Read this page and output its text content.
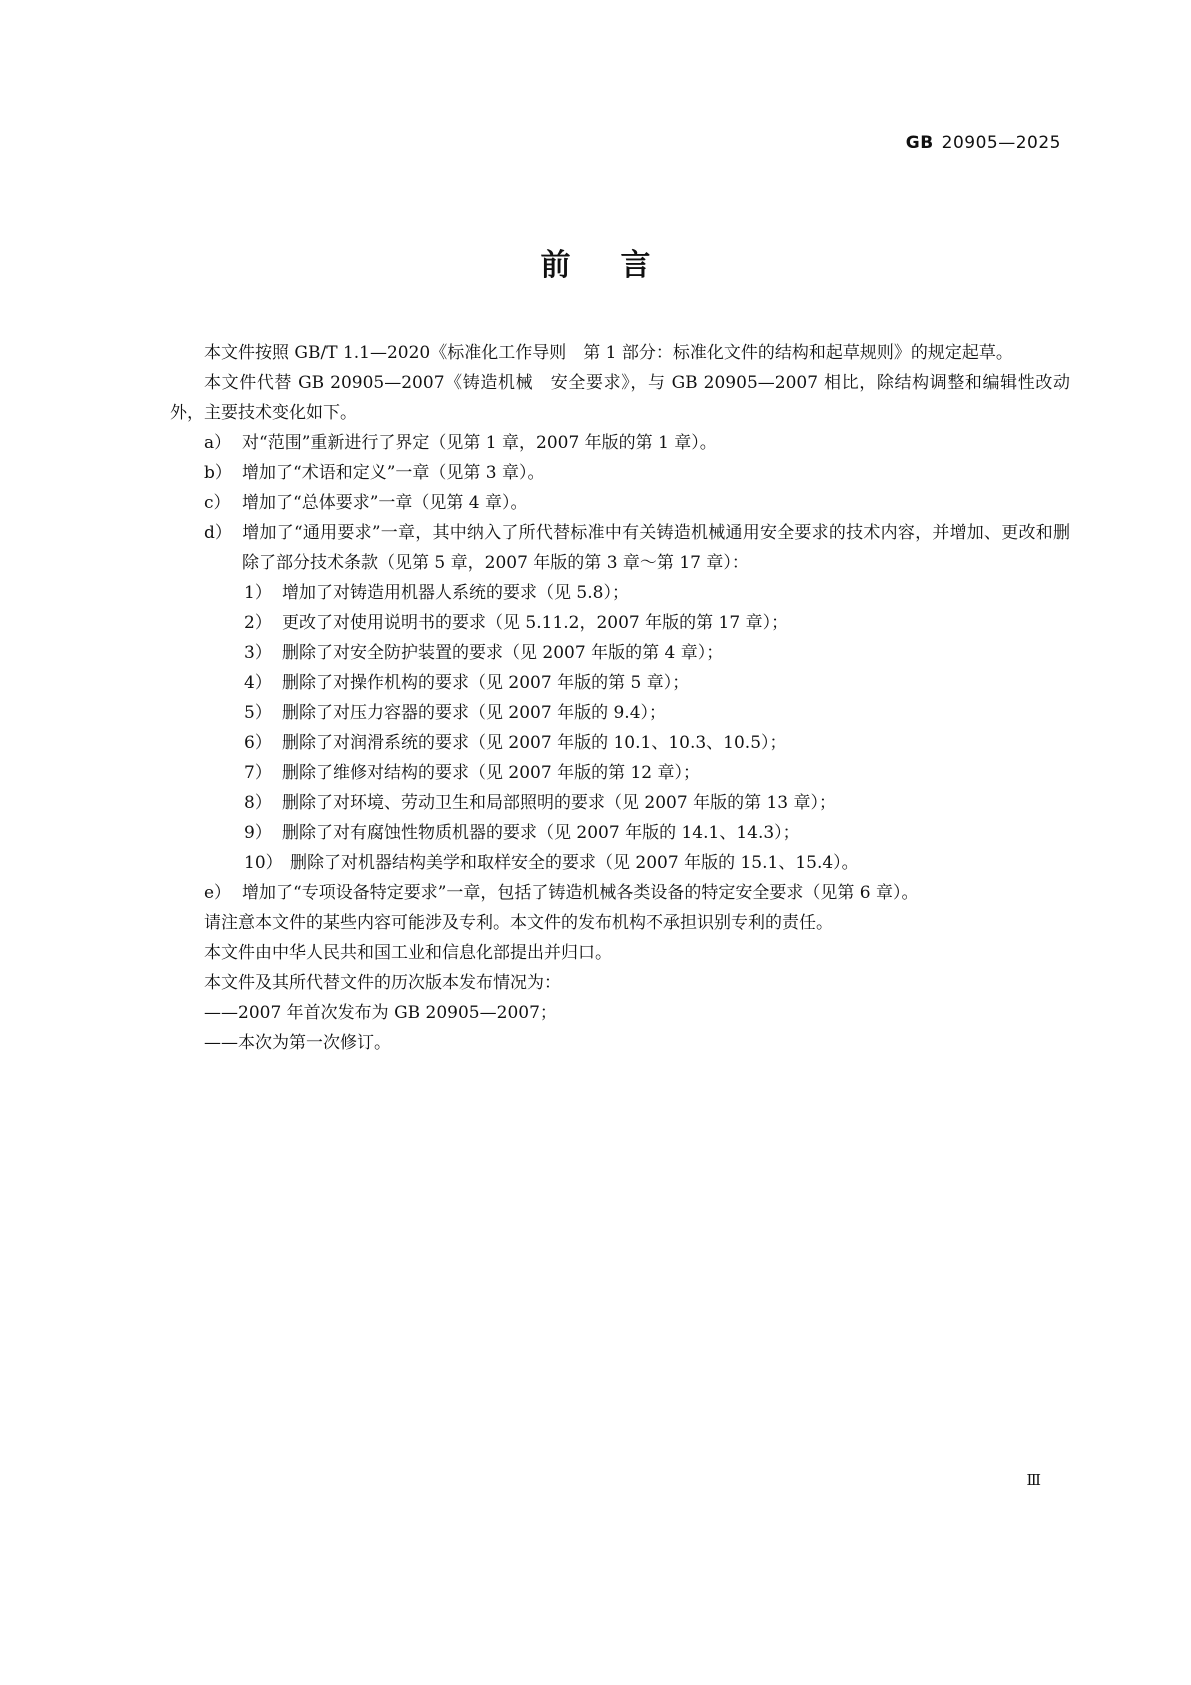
GB 20905—2025
前言

本文件按照 GB/T 1.1—2020《标准化工作导则　第 1 部分：标准化文件的结构和起草规则》的规定起草。

本文件代替 GB 20905—2007《铸造机械　安全要求》，与 GB 20905—2007 相比，除结构调整和编辑性改动外，主要技术变化如下。

a） 对“范围”重新进行了界定（见第 1 章，2007 年版的第 1 章）。

b） 增加了“术语和定义”一章（见第 3 章）。

c） 增加了“总体要求”一章（见第 4 章）。

d） 增加了“通用要求”一章，其中纳入了所代替标准中有关铸造机械通用安全要求的技术内容，并增加、更改和删除了部分技术条款（见第 5 章，2007 年版的第 3 章～第 17 章）：

1） 增加了对铸造用机器人系统的要求（见 5.8）；

2） 更改了对使用说明书的要求（见 5.11.2，2007 年版的第 17 章）；

3） 删除了对安全防护装置的要求（见 2007 年版的第 4 章）；

4） 删除了对操作机构的要求（见 2007 年版的第 5 章）；

5） 删除了对压力容器的要求（见 2007 年版的 9.4）；

6） 删除了对润滑系统的要求（见 2007 年版的 10.1、10.3、10.5）；

7） 删除了维修对结构的要求（见 2007 年版的第 12 章）；

8） 删除了对环境、劳动卫生和局部照明的要求（见 2007 年版的第 13 章）；

9） 删除了对有腐蚀性物质机器的要求（见 2007 年版的 14.1、14.3）；

10） 删除了对机器结构美学和取样安全的要求（见 2007 年版的 15.1、15.4）。

e） 增加了“专项设备特定要求”一章，包括了铸造机械各类设备的特定安全要求（见第 6 章）。

请注意本文件的某些内容可能涉及专利。本文件的发布机构不承担识别专利的责任。

本文件由中华人民共和国工业和信息化部提出并归口。

本文件及其所代替文件的历次版本发布情况为：

——2007 年首次发布为 GB 20905—2007；

——本次为第一次修订。

Ⅲ
